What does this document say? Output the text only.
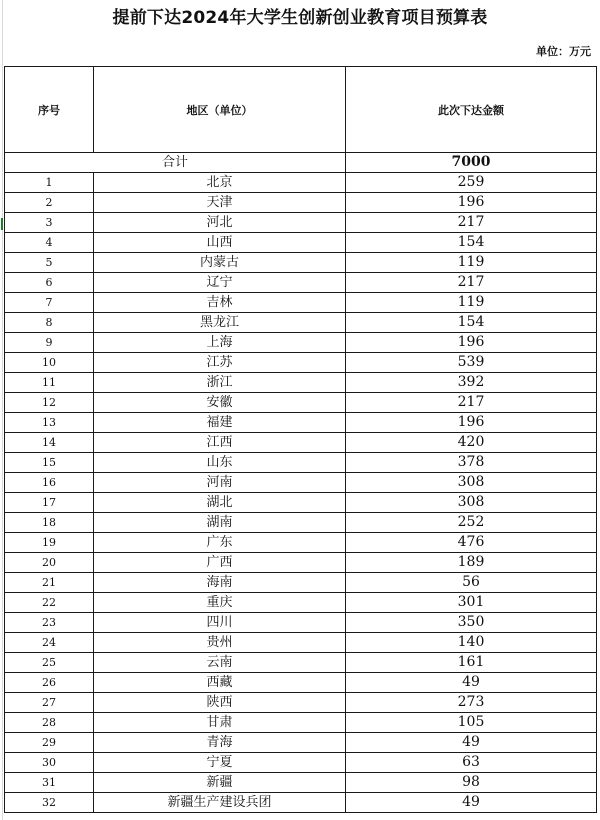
提前下达2024年大学生创新创业教育项目预算表
单位：万元
序号	地区（单位）	此次下达金额
合计		7000
1	北京	259
2	天津	196
3	河北	217
4	山西	154
5	内蒙古	119
6	辽宁	217
7	吉林	119
8	黑龙江	154
9	上海	196
10	江苏	539
11	浙江	392
12	安徽	217
13	福建	196
14	江西	420
15	山东	378
16	河南	308
17	湖北	308
18	湖南	252
19	广东	476
20	广西	189
21	海南	56
22	重庆	301
23	四川	350
24	贵州	140
25	云南	161
26	西藏	49
27	陕西	273
28	甘肃	105
29	青海	49
30	宁夏	63
31	新疆	98
32	新疆生产建设兵团	49
